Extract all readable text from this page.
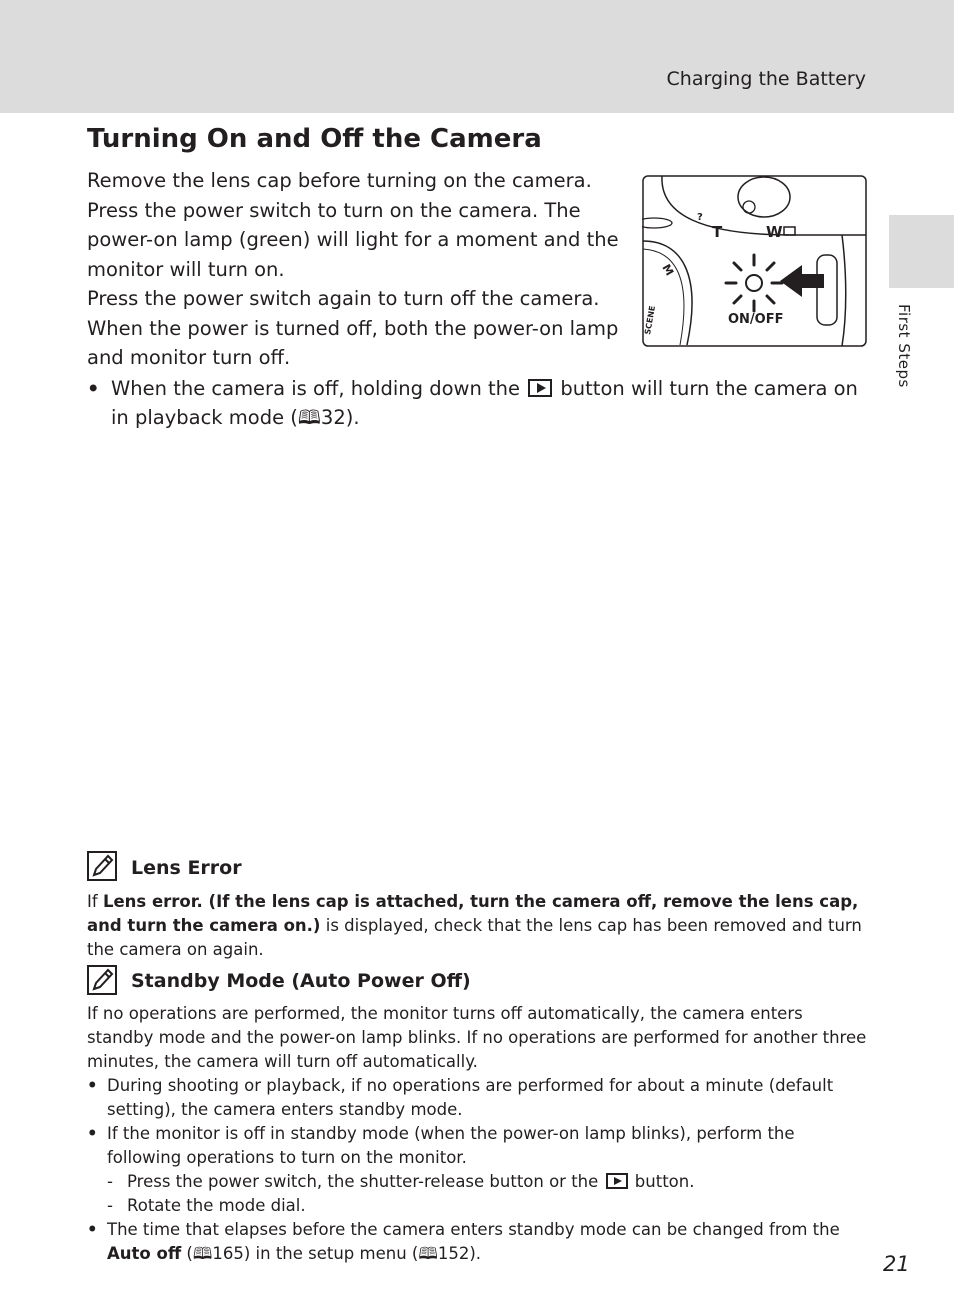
Charging the Battery
First Steps
Turning On and Off the Camera

Remove the lens cap before turning on the camera. Press the power switch to turn on the camera. The power-on lamp (green) will light for a moment and the monitor will turn on.

Press the power switch again to turn off the camera. When the power is turned off, both the power-on lamp and monitor turn off.

SCENE
M
?
T	W
ON/OFF
• When the camera is off, holding down the button will turn the camera on in playback mode (🕮32).
Lens Error

If Lens error. (If the lens cap is attached, turn the camera off, remove the lens cap, and turn the camera on.) is displayed, check that the lens cap has been removed and turn the camera on again.

Standby Mode (Auto Power Off)

If no operations are performed, the monitor turns off automatically, the camera enters standby mode and the power-on lamp blinks. If no operations are performed for another three minutes, the camera will turn off automatically.

• During shooting or playback, if no operations are performed for about a minute (default setting), the camera enters standby mode.
• If the monitor is off in standby mode (when the power-on lamp blinks), perform the following operations to turn on the monitor.
- Press the power switch, the shutter-release button or the button.
- Rotate the mode dial.
• The time that elapses before the camera enters standby mode can be changed from the Auto off (🕮165) in the setup menu (🕮152).	21
